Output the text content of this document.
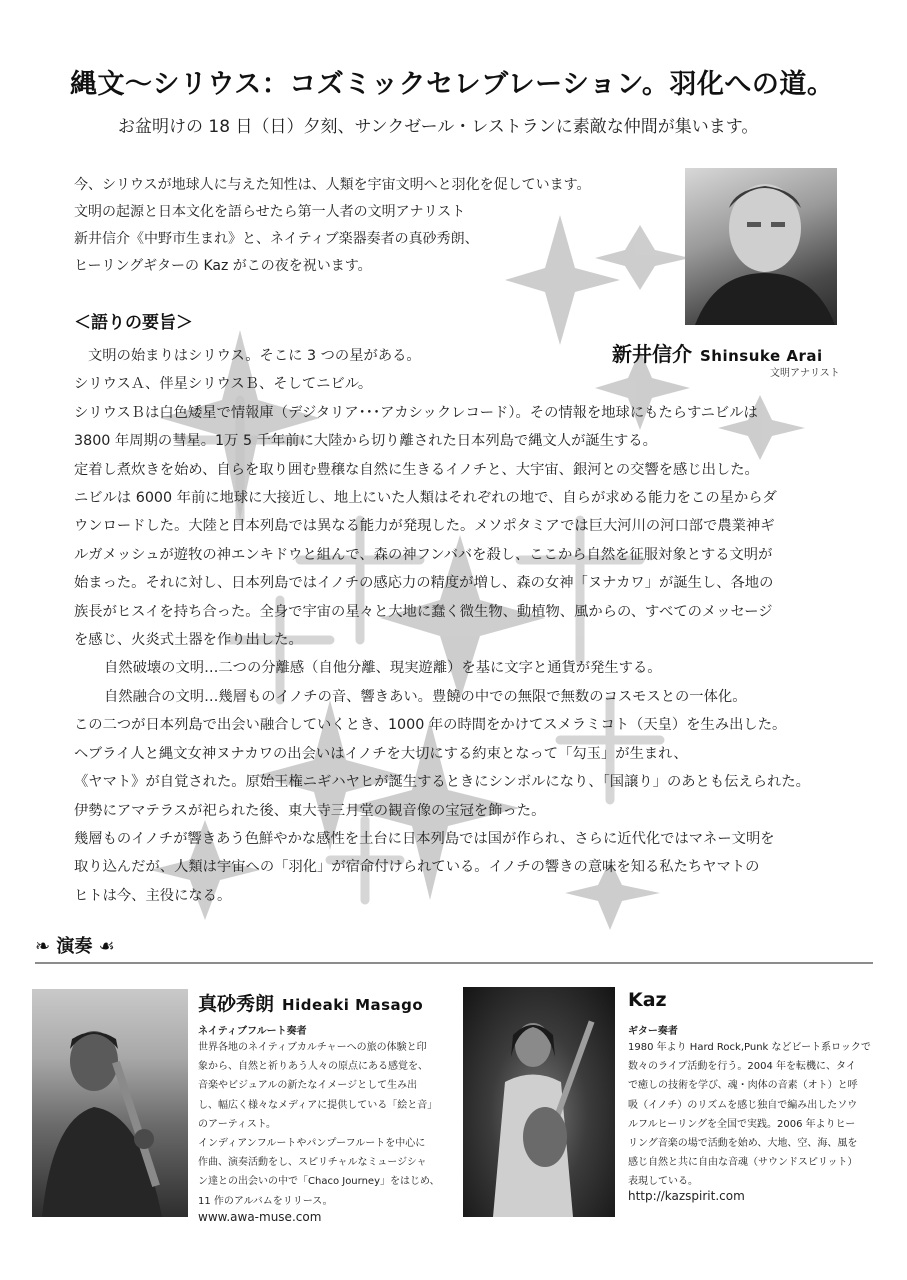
縄文〜シリウス：コズミックセレブレーション。羽化への道。
お盆明けの 18 日（日）夕刻、サンクゼール・レストランに素敵な仲間が集います。
今、シリウスが地球人に与えた知性は、人類を宇宙文明へと羽化を促しています。
文明の起源と日本文化を語らせたら第一人者の文明アナリスト
新井信介《中野市生まれ》と、ネイティブ楽器奏者の真砂秀朗、
ヒーリングギターの Kaz がこの夜を祝います。
新井信介 Shinsuke Arai
文明アナリスト
＜語りの要旨＞
文明の始まりはシリウス。そこに 3 つの星がある。
シリウスＡ、伴星シリウスＢ、そしてニビル。
シリウスＢは白色矮星で情報庫（デジタリア･･･アカシックレコード）。その情報を地球にもたらすニビルは
3800 年周期の彗星。1万 5 千年前に大陸から切り離された日本列島で縄文人が誕生する。
定着し煮炊きを始め、自らを取り囲む豊穣な自然に生きるイノチと、大宇宙、銀河との交響を感じ出した。
ニビルは 6000 年前に地球に大接近し、地上にいた人類はそれぞれの地で、自らが求める能力をこの星からダ
ウンロードした。大陸と日本列島では異なる能力が発現した。メソポタミアでは巨大河川の河口部で農業神ギ
ルガメッシュが遊牧の神エンキドウと組んで、森の神フンババを殺し、ここから自然を征服対象とする文明が
始まった。それに対し、日本列島ではイノチの感応力の精度が増し、森の女神「ヌナカワ」が誕生し、各地の
族長がヒスイを持ち合った。全身で宇宙の星々と大地に蠢く微生物、動植物、風からの、すべてのメッセージ
を感じ、火炎式土器を作り出した。
自然破壊の文明…二つの分離感（自他分離、現実遊離）を基に文字と通貨が発生する。
自然融合の文明…幾層ものイノチの音、響きあい。豊饒の中での無限で無数のコスモスとの一体化。
この二つが日本列島で出会い融合していくとき、1000 年の時間をかけてスメラミコト（天皇）を生み出した。
ヘブライ人と縄文女神ヌナカワの出会いはイノチを大切にする約束となって「勾玉」が生まれ、
《ヤマト》が自覚された。原始王権ニギハヤヒが誕生するときにシンボルになり、「国譲り」のあとも伝えられた。
伊勢にアマテラスが祀られた後、東大寺三月堂の観音像の宝冠を飾った。
幾層ものイノチが響きあう色鮮やかな感性を土台に日本列島では国が作られ、さらに近代化ではマネー文明を
取り込んだが、人類は宇宙への「羽化」が宿命付けられている。イノチの響きの意味を知る私たちヤマトの
ヒトは今、主役になる。
❧ 演奏 ☙
真砂秀朗 Hideaki Masago
ネイティブフルート奏者
世界各地のネイティブカルチャーへの旅の体験と印
象から、自然と祈りあう人々の原点にある感覚を、
音楽やビジュアルの新たなイメージとして生み出
し、幅広く様々なメディアに提供している「絵と音」
のアーティスト。
インディアンフルートやパンプーフルートを中心に
作曲、演奏活動をし、スピリチャルなミュージシャ
ン達との出会いの中で「Chaco Journey」をはじめ、
11 作のアルバムをリリース。
www.awa-muse.com
Kaz
ギター奏者
1980 年より Hard Rock,Punk などビート系ロックで
数々のライブ活動を行う。2004 年を転機に、タイ
で癒しの技術を学び、魂・肉体の音素（オト）と呼
吸（イノチ）のリズムを感じ独自で編み出したソウ
ルフルヒーリングを全国で実践。2006 年よりヒー
リング音楽の場で活動を始め、大地、空、海、風を
感じ自然と共に自由な音魂（サウンドスピリット）
表現している。
http://kazspirit.com
